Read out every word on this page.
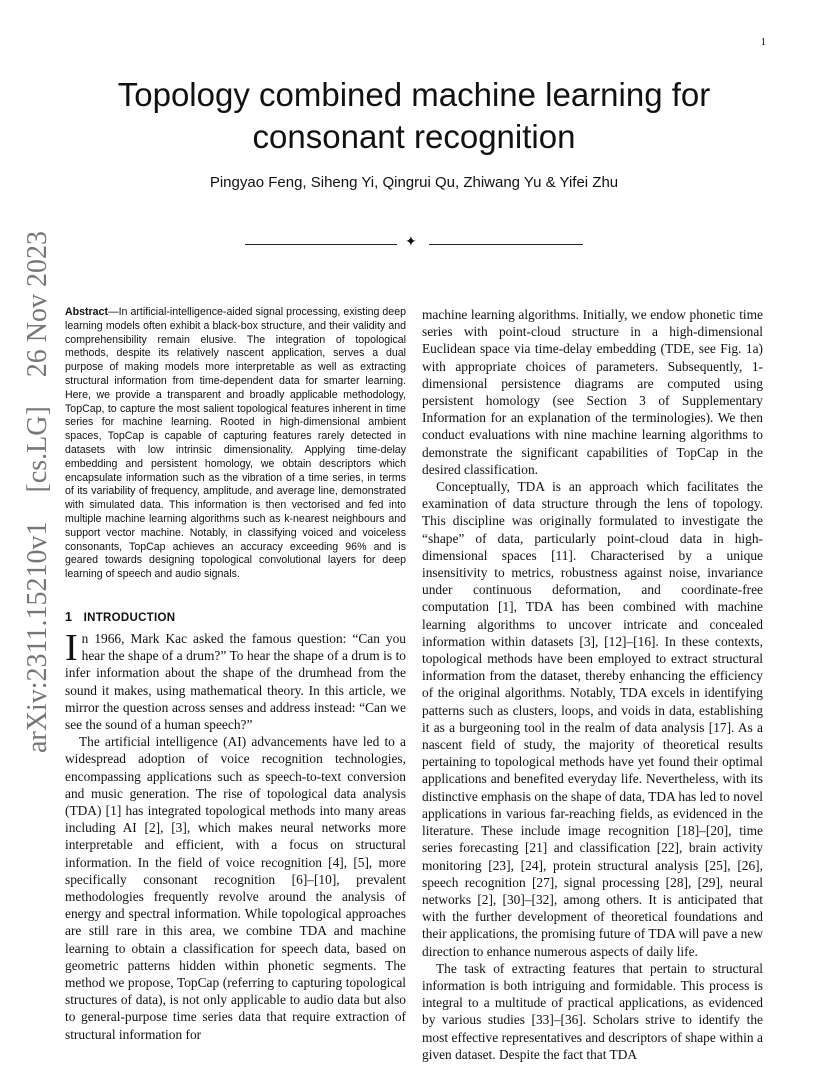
1
Topology combined machine learning for consonant recognition
Pingyao Feng, Siheng Yi, Qingrui Qu, Zhiwang Yu & Yifei Zhu
✦
arXiv:2311.15210v1 [cs.LG] 26 Nov 2023	Abstract—In artificial-intelligence-aided signal processing, existing deep learning models often exhibit a black-box structure, and their validity and comprehensibility remain elusive. The integration of topological methods, despite its relatively nascent application, serves a dual purpose of making models more interpretable as well as extracting structural information from time-dependent data for smarter learning. Here, we provide a transparent and broadly applicable methodology, TopCap, to capture the most salient topological features inherent in time series for machine learning. Rooted in high-dimensional ambient spaces, TopCap is capable of capturing features rarely detected in datasets with low intrinsic dimensionality. Applying time-delay embedding and persistent homology, we obtain descriptors which encapsulate information such as the vibration of a time series, in terms of its variability of frequency, amplitude, and average line, demonstrated with simulated data. This information is then vectorised and fed into multiple machine learning algorithms such as k-nearest neighbours and support vector machine. Notably, in classifying voiced and voiceless consonants, TopCap achieves an accuracy exceeding 96% and is geared towards designing topological convolutional layers for deep learning of speech and audio signals.
1 INTRODUCTION

In 1966, Mark Kac asked the famous question: “Can you hear the shape of a drum?” To hear the shape of a drum is to infer information about the shape of the drumhead from the sound it makes, using mathematical theory. In this article, we mirror the question across senses and address instead: “Can we see the sound of a human speech?”

The artificial intelligence (AI) advancements have led to a widespread adoption of voice recognition technologies, encompassing applications such as speech-to-text conversion and music generation. The rise of topological data analysis (TDA) [1] has integrated topological methods into many areas including AI [2], [3], which makes neural networks more interpretable and efficient, with a focus on structural information. In the field of voice recognition [4], [5], more specifically consonant recognition [6]–[10], prevalent methodologies frequently revolve around the analysis of energy and spectral information. While topological approaches are still rare in this area, we combine TDA and machine learning to obtain a classification for speech data, based on geometric patterns hidden within phonetic segments. The method we propose, TopCap (referring to capturing topological structures of data), is not only applicable to audio data but also to general-purpose time series data that require extraction of structural information for

machine learning algorithms. Initially, we endow phonetic time series with point-cloud structure in a high-dimensional Euclidean space via time-delay embedding (TDE, see Fig. 1a) with appropriate choices of parameters. Subsequently, 1-dimensional persistence diagrams are computed using persistent homology (see Section 3 of Supplementary Information for an explanation of the terminologies). We then conduct evaluations with nine machine learning algorithms to demonstrate the significant capabilities of TopCap in the desired classification.

Conceptually, TDA is an approach which facilitates the examination of data structure through the lens of topology. This discipline was originally formulated to investigate the “shape” of data, particularly point-cloud data in high-dimensional spaces [11]. Characterised by a unique insensitivity to metrics, robustness against noise, invariance under continuous deformation, and coordinate-free computation [1], TDA has been combined with machine learning algorithms to uncover intricate and concealed information within datasets [3], [12]–[16]. In these contexts, topological methods have been employed to extract structural information from the dataset, thereby enhancing the efficiency of the original algorithms. Notably, TDA excels in identifying patterns such as clusters, loops, and voids in data, establishing it as a burgeoning tool in the realm of data analysis [17]. As a nascent field of study, the majority of theoretical results pertaining to topological methods have yet found their optimal applications and benefited everyday life. Nevertheless, with its distinctive emphasis on the shape of data, TDA has led to novel applications in various far-reaching fields, as evidenced in the literature. These include image recognition [18]–[20], time series forecasting [21] and classification [22], brain activity monitoring [23], [24], protein structural analysis [25], [26], speech recognition [27], signal processing [28], [29], neural networks [2], [30]–[32], among others. It is anticipated that with the further development of theoretical foundations and their applications, the promising future of TDA will pave a new direction to enhance numerous aspects of daily life.

The task of extracting features that pertain to structural information is both intriguing and formidable. This process is integral to a multitude of practical applications, as evidenced by various studies [33]–[36]. Scholars strive to identify the most effective representatives and descriptors of shape within a given dataset. Despite the fact that TDA
